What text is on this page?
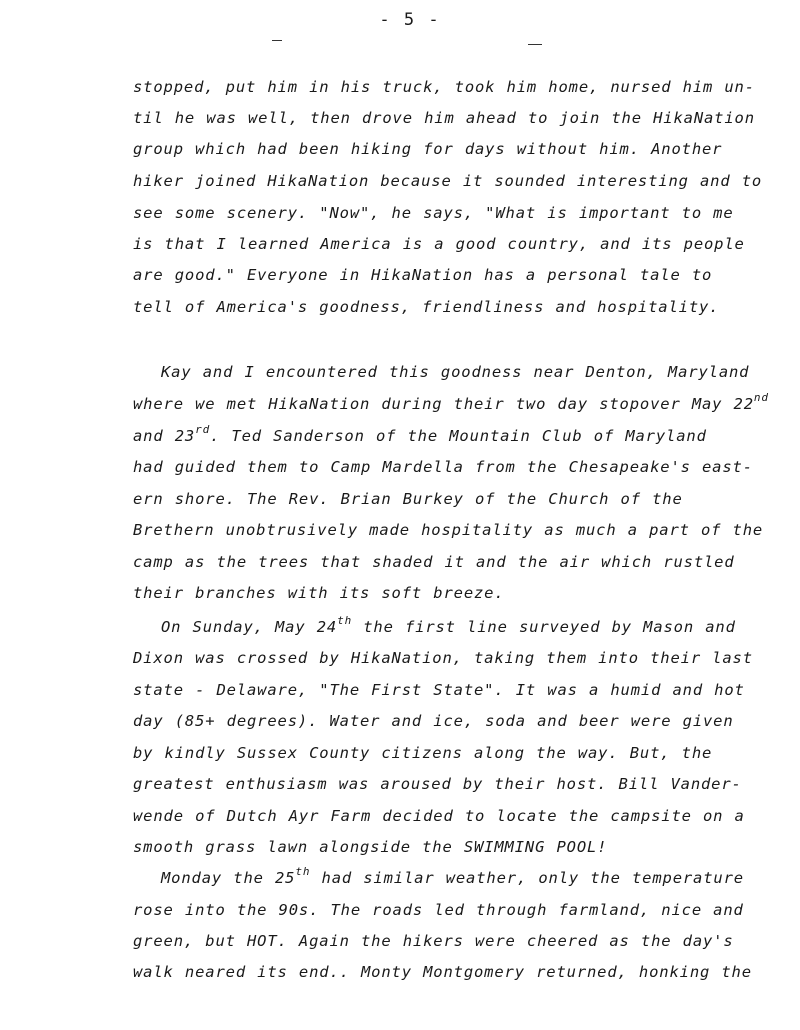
- 5 -
stopped, put him in his truck, took him home, nursed him un-
til he was well, then drove him ahead to join the HikaNation
group which had been hiking for days without him. Another
hiker joined HikaNation because it sounded interesting and to
see some scenery. "Now", he says, "What is important to me
is that I learned America is a good country, and its people
are good." Everyone in HikaNation has a personal tale to
tell of America's goodness, friendliness and hospitality.
Kay and I encountered this goodness near Denton, Maryland
where we met HikaNation during their two day stopover May 22nd
and 23rd. Ted Sanderson of the Mountain Club of Maryland
had guided them to Camp Mardella from the Chesapeake's east-
ern shore. The Rev. Brian Burkey of the Church of the
Brethern unobtrusively made hospitality as much a part of the
camp as the trees that shaded it and the air which rustled
their branches with its soft breeze.
On Sunday, May 24th the first line surveyed by Mason and
Dixon was crossed by HikaNation, taking them into their last
state - Delaware, "The First State". It was a humid and hot
day (85+ degrees). Water and ice, soda and beer were given
by kindly Sussex County citizens along the way. But, the
greatest enthusiasm was aroused by their host. Bill Vander-
wende of Dutch Ayr Farm decided to locate the campsite on a
smooth grass lawn alongside the SWIMMING POOL!
Monday the 25th had similar weather, only the temperature
rose into the 90s. The roads led through farmland, nice and
green, but HOT. Again the hikers were cheered as the day's
walk neared its end.. Monty Montgomery returned, honking the
